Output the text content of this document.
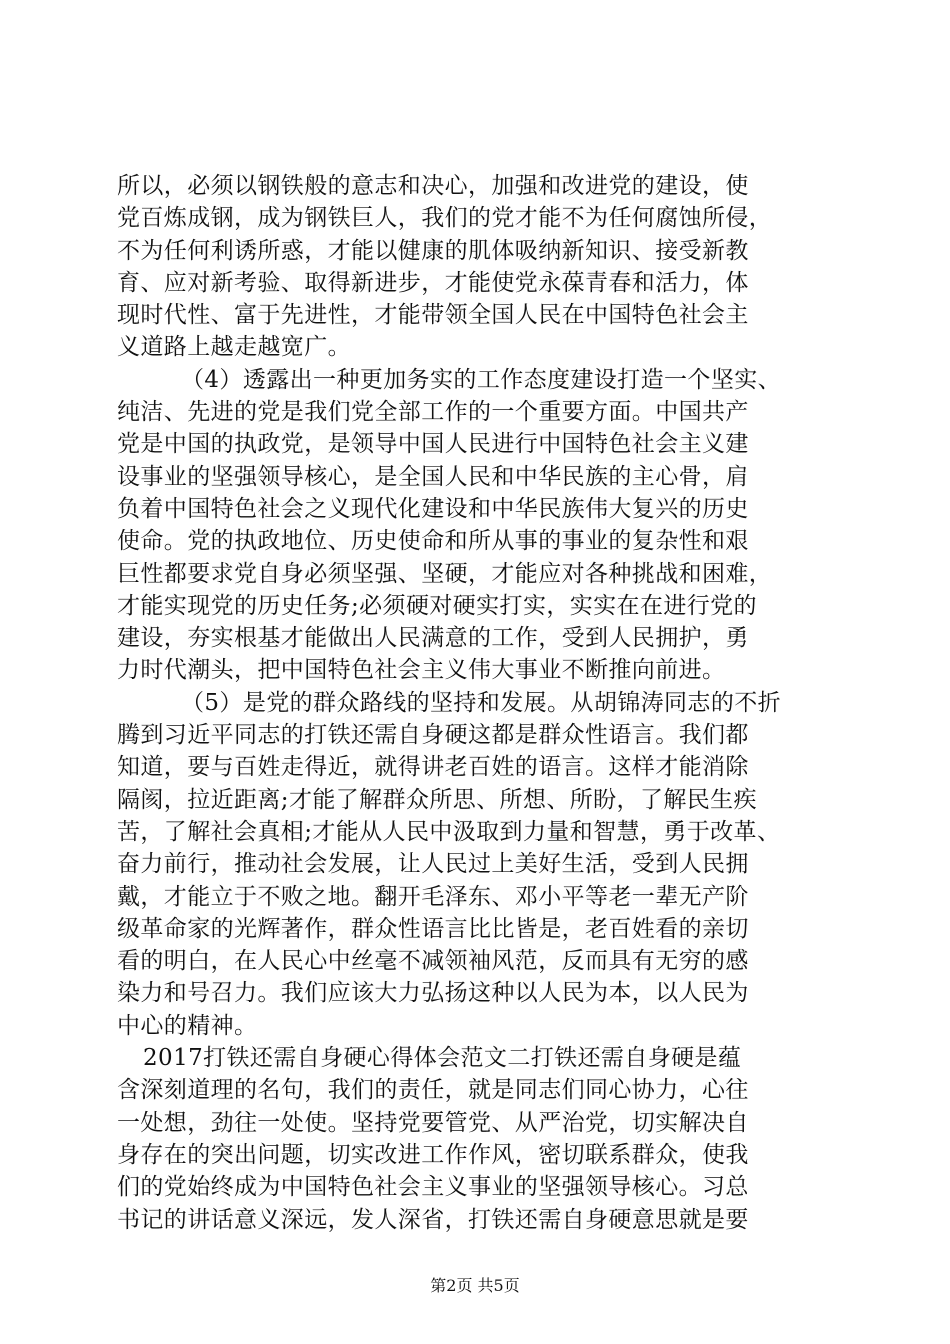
所以，必须以钢铁般的意志和决心，加强和改进党的建设，使
党百炼成钢，成为钢铁巨人，我们的党才能不为任何腐蚀所侵，
不为任何利诱所惑，才能以健康的肌体吸纳新知识、接受新教
育、应对新考验、取得新进步，才能使党永葆青春和活力，体
现时代性、富于先进性，才能带领全国人民在中国特色社会主
义道路上越走越宽广。
（4）透露出一种更加务实的工作态度建设打造一个坚实、
纯洁、先进的党是我们党全部工作的一个重要方面。中国共产
党是中国的执政党，是领导中国人民进行中国特色社会主义建
设事业的坚强领导核心，是全国人民和中华民族的主心骨，肩
负着中国特色社会之义现代化建设和中华民族伟大复兴的历史
使命。党的执政地位、历史使命和所从事的事业的复杂性和艰
巨性都要求党自身必须坚强、坚硬，才能应对各种挑战和困难，
才能实现党的历史任务;必须硬对硬实打实，实实在在进行党的
建设，夯实根基才能做出人民满意的工作，受到人民拥护，勇
力时代潮头，把中国特色社会主义伟大事业不断推向前进。
（5）是党的群众路线的坚持和发展。从胡锦涛同志的不折
腾到习近平同志的打铁还需自身硬这都是群众性语言。我们都
知道，要与百姓走得近，就得讲老百姓的语言。这样才能消除
隔阂，拉近距离;才能了解群众所思、所想、所盼，了解民生疾
苦，了解社会真相;才能从人民中汲取到力量和智慧，勇于改革、
奋力前行，推动社会发展，让人民过上美好生活，受到人民拥
戴，才能立于不败之地。翻开毛泽东、邓小平等老一辈无产阶
级革命家的光辉著作，群众性语言比比皆是，老百姓看的亲切
看的明白，在人民心中丝毫不减领袖风范，反而具有无穷的感
染力和号召力。我们应该大力弘扬这种以人民为本，以人民为
中心的精神。
2017打铁还需自身硬心得体会范文二打铁还需自身硬是蕴
含深刻道理的名句，我们的责任，就是同志们同心协力，心往
一处想，劲往一处使。坚持党要管党、从严治党，切实解决自
身存在的突出问题，切实改进工作作风，密切联系群众，使我
们的党始终成为中国特色社会主义事业的坚强领导核心。习总
书记的讲话意义深远，发人深省，打铁还需自身硬意思就是要
第2页 共5页
